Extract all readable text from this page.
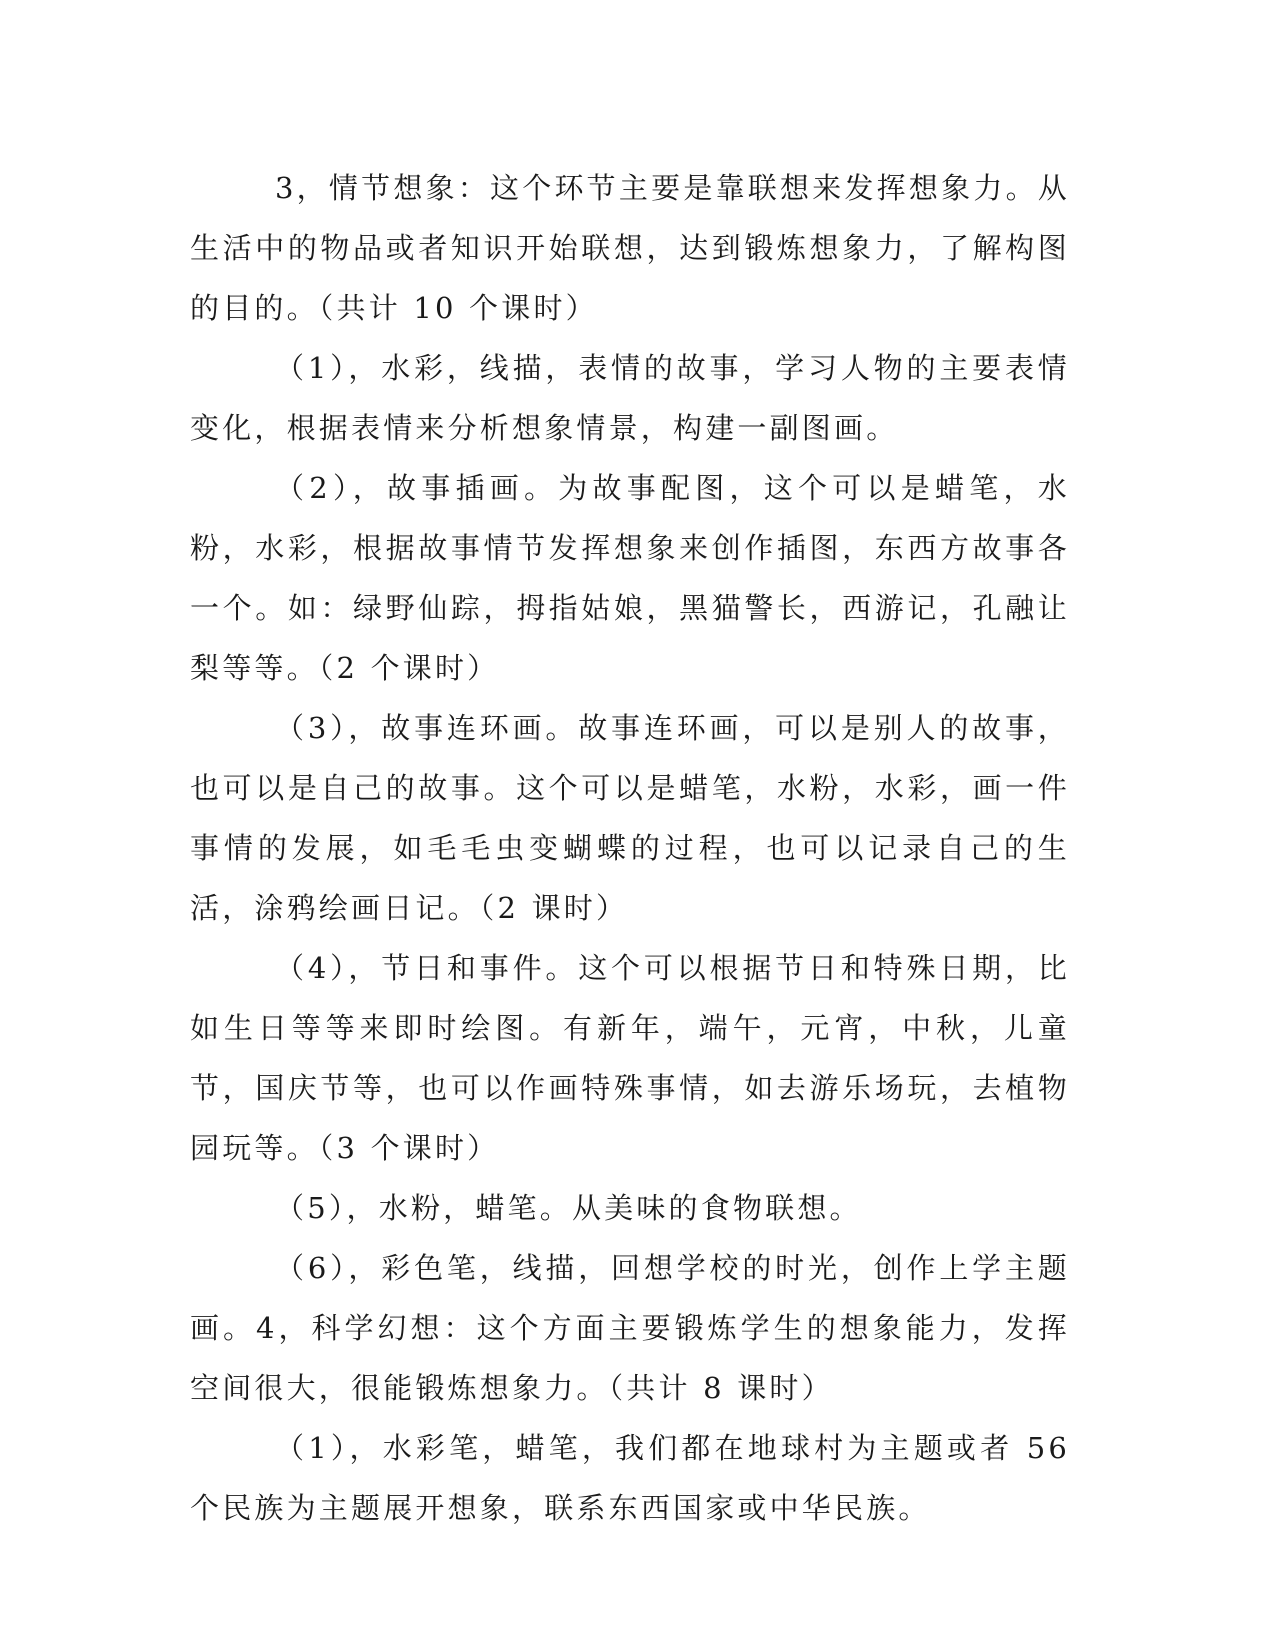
3，情节想象：这个环节主要是靠联想来发挥想象力。从生活中的物品或者知识开始联想，达到锻炼想象力，了解构图的目的。（共计 10 个课时）

（1），水彩，线描，表情的故事，学习人物的主要表情变化，根据表情来分析想象情景，构建一副图画。

（2），故事插画。为故事配图，这个可以是蜡笔，水粉，水彩，根据故事情节发挥想象来创作插图，东西方故事各一个。如：绿野仙踪，拇指姑娘，黑猫警长，西游记，孔融让梨等等。（2 个课时）

（3），故事连环画。故事连环画，可以是别人的故事，也可以是自己的故事。这个可以是蜡笔，水粉，水彩，画一件事情的发展，如毛毛虫变蝴蝶的过程，也可以记录自己的生活，涂鸦绘画日记。（2 课时）

（4），节日和事件。这个可以根据节日和特殊日期，比如生日等等来即时绘图。有新年，端午，元宵，中秋，儿童节，国庆节等，也可以作画特殊事情，如去游乐场玩，去植物园玩等。（3 个课时）

（5），水粉，蜡笔。从美味的食物联想。

（6），彩色笔，线描，回想学校的时光，创作上学主题画。4，科学幻想：这个方面主要锻炼学生的想象能力，发挥空间很大，很能锻炼想象力。（共计 8 课时）

（1），水彩笔，蜡笔，我们都在地球村为主题或者 56 个民族为主题展开想象，联系东西国家或中华民族。
